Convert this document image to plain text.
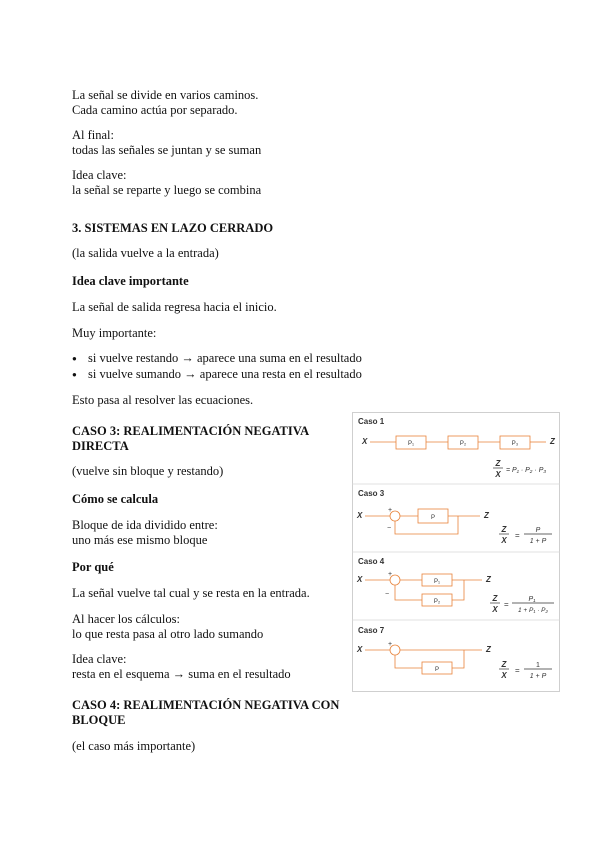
La señal se divide en varios caminos.
Cada camino actúa por separado.
Al final:
todas las señales se juntan y se suman
Idea clave:
la señal se reparte y luego se combina
3. SISTEMAS EN LAZO CERRADO
(la salida vuelve a la entrada)
Idea clave importante
La señal de salida regresa hacia el inicio.
Muy importante:
● si vuelve restando → aparece una suma en el resultado
● si vuelve sumando → aparece una resta en el resultado
Esto pasa al resolver las ecuaciones.
CASO 3: REALIMENTACIÓN NEGATIVA
DIRECTA
(vuelve sin bloque y restando)
Cómo se calcula
Bloque de ida dividido entre:
uno más ese mismo bloque
Por qué
La señal vuelve tal cual y se resta en la entrada.
Al hacer los cálculos:
lo que resta pasa al otro lado sumando
Idea clave:
resta en el esquema → suma en el resultado
CASO 4: REALIMENTACIÓN NEGATIVA CON
BLOQUE
(el caso más importante)
Caso 1
X	P₁	P₂	P₃	Z
Z
X = P₁ · P₂ · P₃
Caso 3
X
+
−
P	Z
Z
X
=
P
1 + P
Caso 4
X
+
−
P₁
P₂
Z
Z
X
=
P₁
1 + P₁ · P₂
Caso 7
X
+
P
Z
Z
X
=
1
1 + P
